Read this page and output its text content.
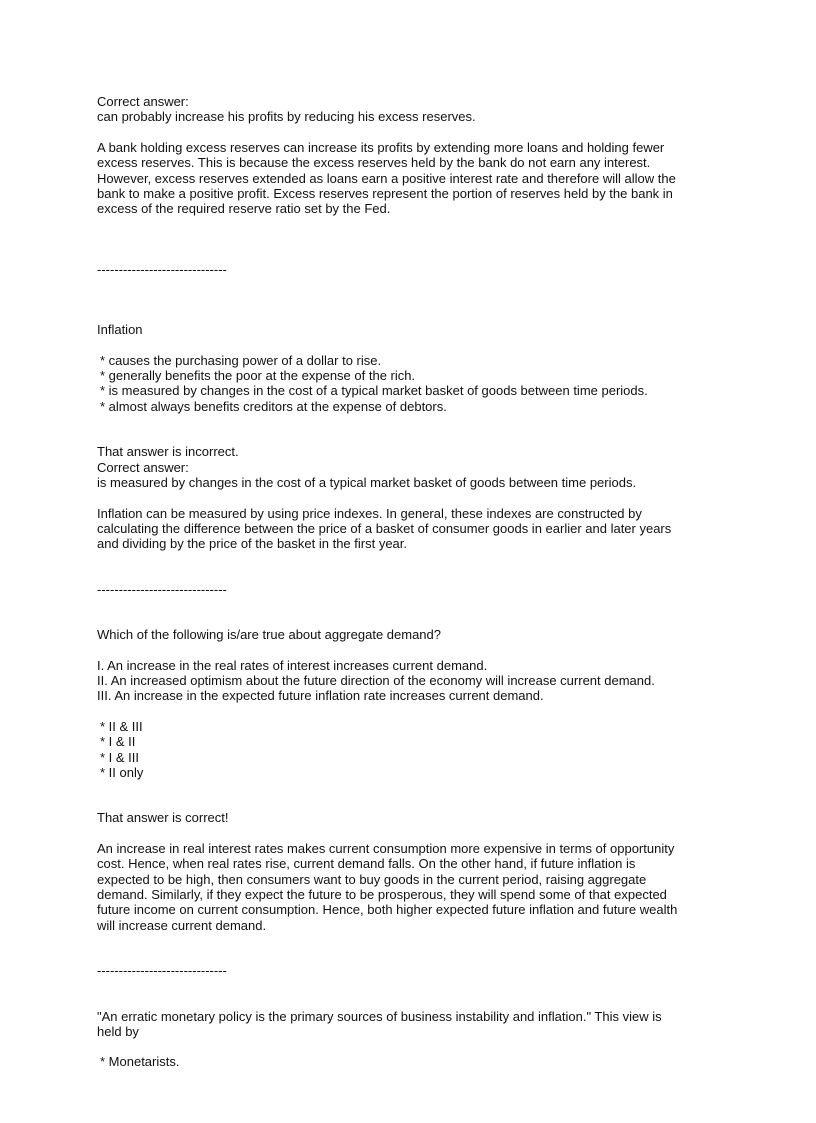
Correct answer:

can probably increase his profits by reducing his excess reserves.

A bank holding excess reserves can increase its profits by extending more loans and holding fewer
excess reserves. This is because the excess reserves held by the bank do not earn any interest.
However, excess reserves extended as loans earn a positive interest rate and therefore will allow the
bank to make a positive profit. Excess reserves represent the portion of reserves held by the bank in
excess of the required reserve ratio set by the Fed.

------------------------------

Inflation

* causes the purchasing power of a dollar to rise.
* generally benefits the poor at the expense of the rich.
* is measured by changes in the cost of a typical market basket of goods between time periods.
* almost always benefits creditors at the expense of debtors.

That answer is incorrect.

Correct answer:

is measured by changes in the cost of a typical market basket of goods between time periods.

Inflation can be measured by using price indexes. In general, these indexes are constructed by
calculating the difference between the price of a basket of consumer goods in earlier and later years
and dividing by the price of the basket in the first year.

------------------------------

Which of the following is/are true about aggregate demand?

I. An increase in the real rates of interest increases current demand.

II. An increased optimism about the future direction of the economy will increase current demand.

III. An increase in the expected future inflation rate increases current demand.

* II & III
* I & II
* I & III
* II only

That answer is correct!

An increase in real interest rates makes current consumption more expensive in terms of opportunity
cost. Hence, when real rates rise, current demand falls. On the other hand, if future inflation is
expected to be high, then consumers want to buy goods in the current period, raising aggregate
demand. Similarly, if they expect the future to be prosperous, they will spend some of that expected
future income on current consumption. Hence, both higher expected future inflation and future wealth
will increase current demand.

------------------------------

"An erratic monetary policy is the primary sources of business instability and inflation." This view is
held by

* Monetarists.
